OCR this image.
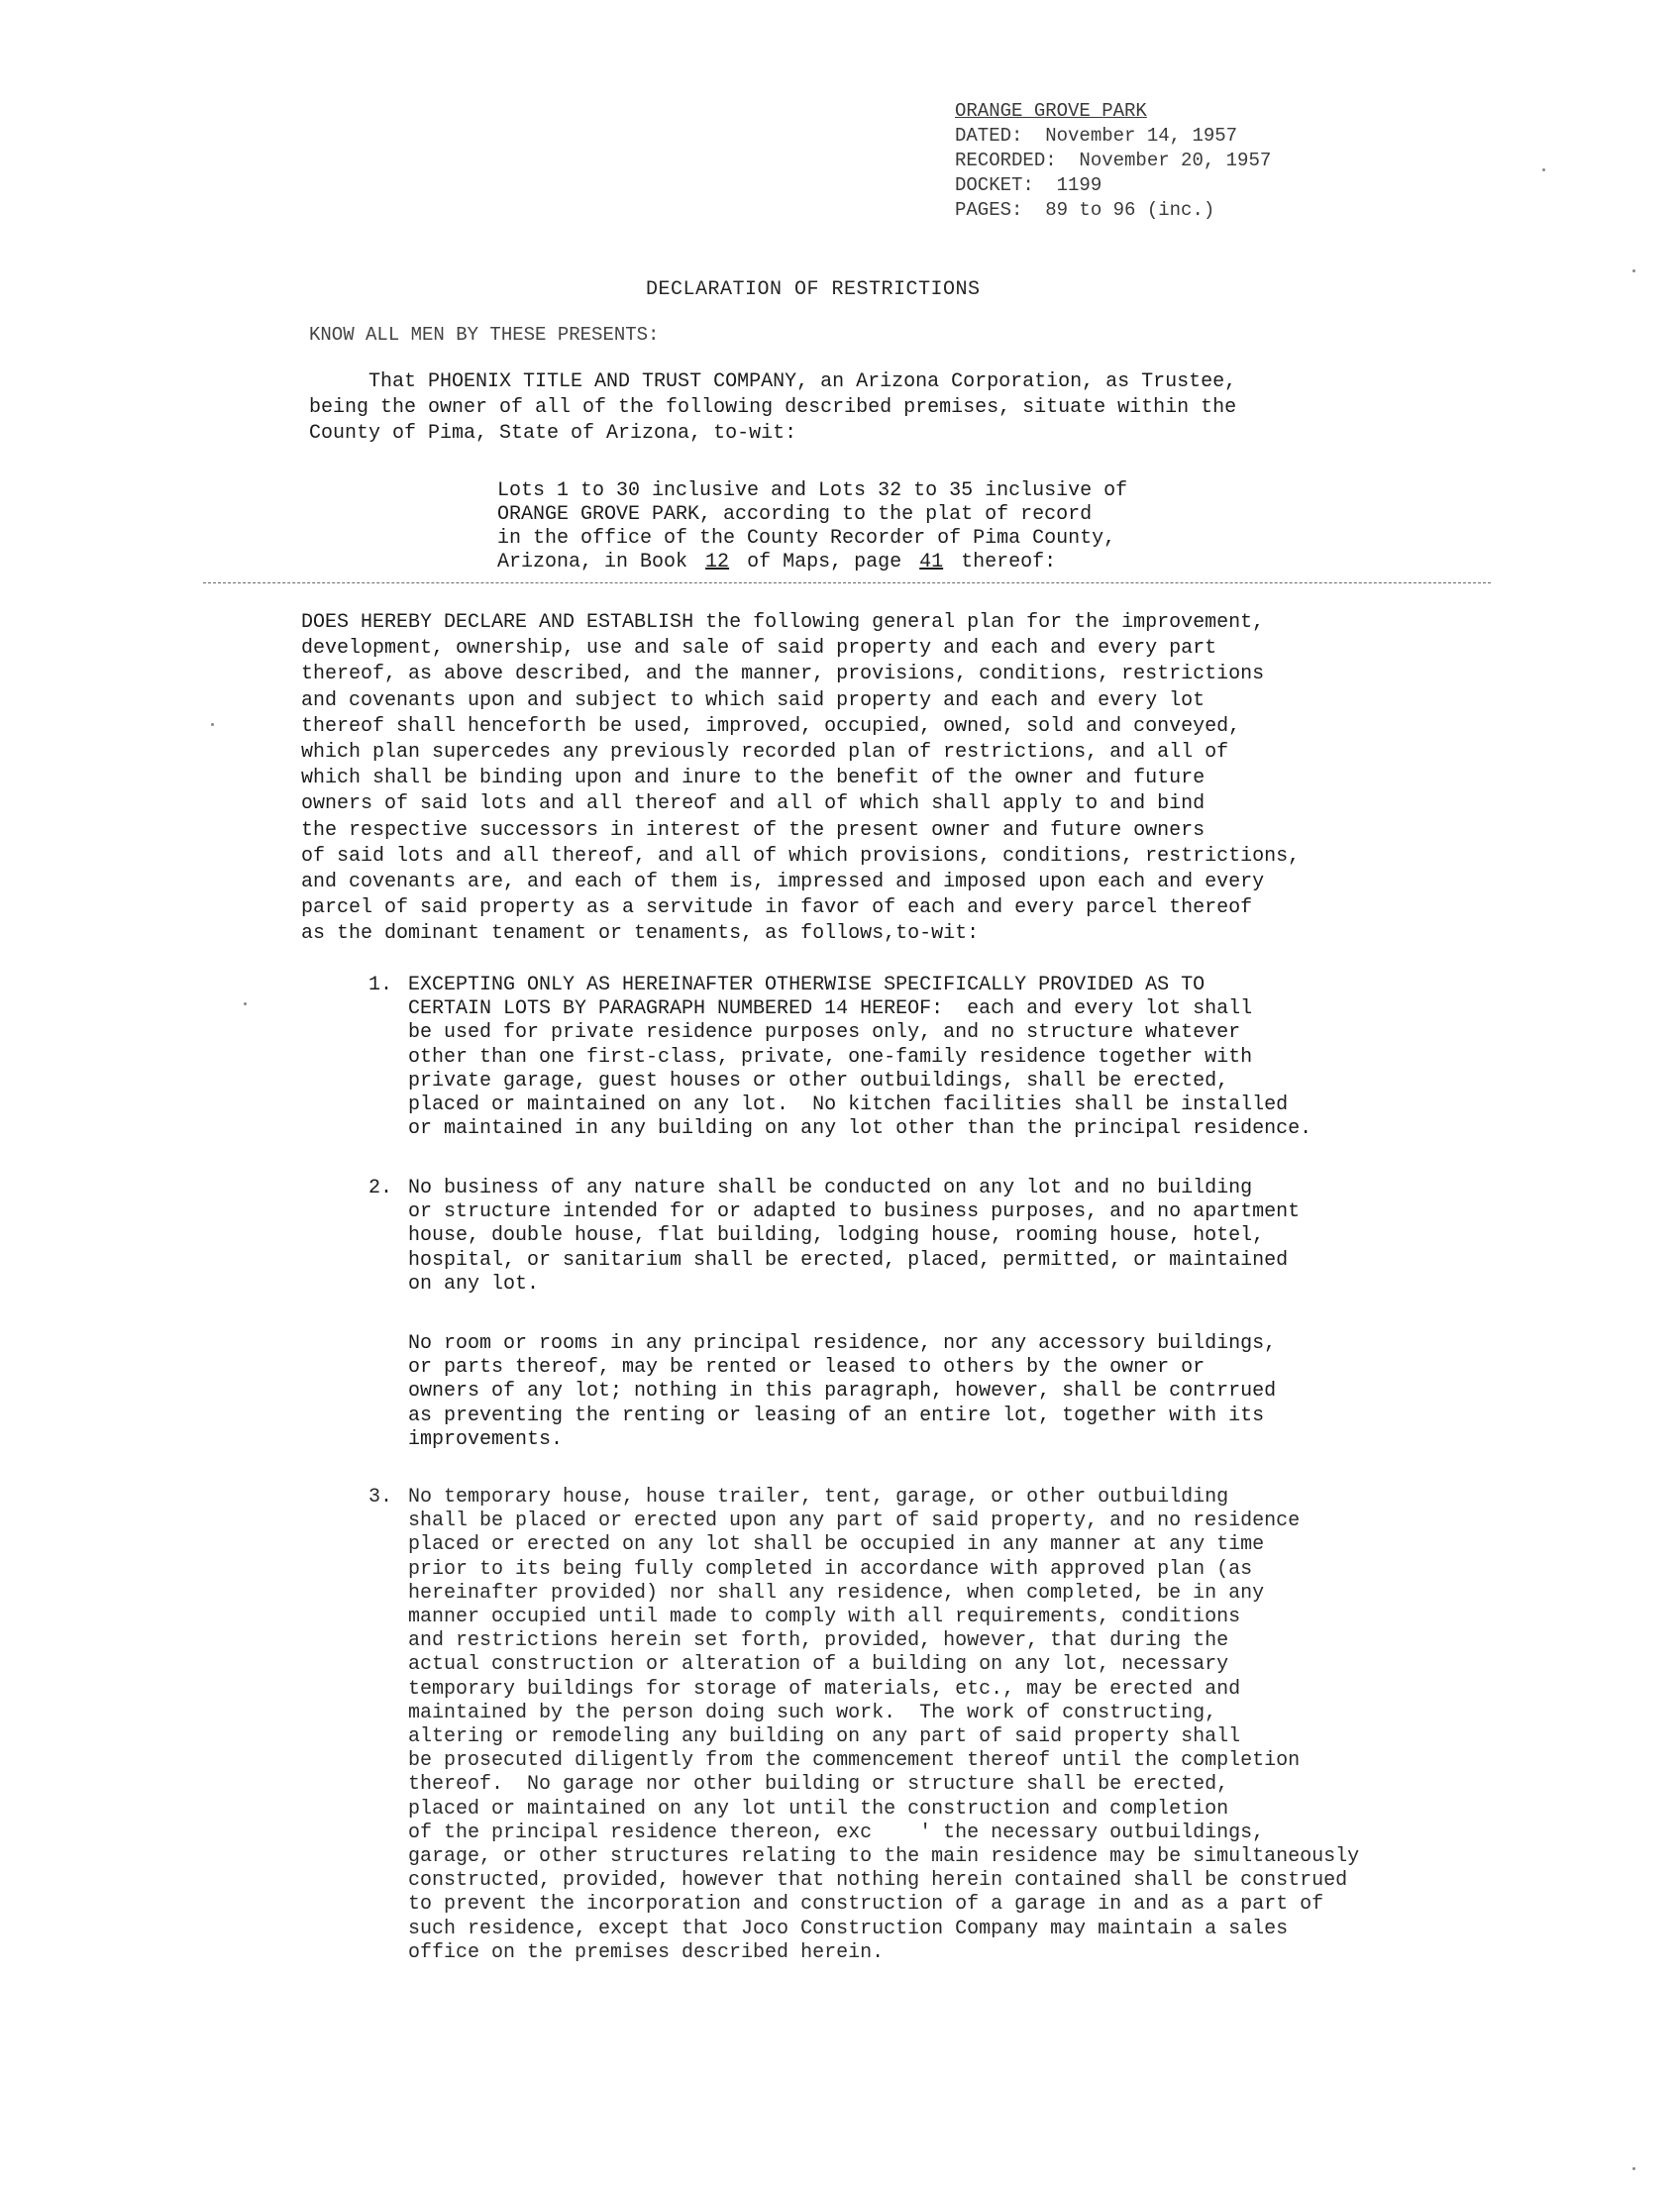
ORANGE GROVE PARK
DATED:  November 14, 1957
RECORDED:  November 20, 1957
DOCKET:  1199
PAGES:  89 to 96 (inc.)
DECLARATION OF RESTRICTIONS
KNOW ALL MEN BY THESE PRESENTS:
That PHOENIX TITLE AND TRUST COMPANY, an Arizona Corporation, as Trustee,
being the owner of all of the following described premises, situate within the
County of Pima, State of Arizona, to-wit:
Lots 1 to 30 inclusive and Lots 32 to 35 inclusive of
ORANGE GROVE PARK, according to the plat of record
in the office of the County Recorder of Pima County,
Arizona, in Book 12 of Maps, page 41 thereof:
DOES HEREBY DECLARE AND ESTABLISH the following general plan for the improvement,
development, ownership, use and sale of said property and each and every part
thereof, as above described, and the manner, provisions, conditions, restrictions
and covenants upon and subject to which said property and each and every lot
thereof shall henceforth be used, improved, occupied, owned, sold and conveyed,
which plan supercedes any previously recorded plan of restrictions, and all of
which shall be binding upon and inure to the benefit of the owner and future
owners of said lots and all thereof and all of which shall apply to and bind
the respective successors in interest of the present owner and future owners
of said lots and all thereof, and all of which provisions, conditions, restrictions,
and covenants are, and each of them is, impressed and imposed upon each and every
parcel of said property as a servitude in favor of each and every parcel thereof
as the dominant tenament or tenaments, as follows,to-wit:
1. EXCEPTING ONLY AS HEREINAFTER OTHERWISE SPECIFICALLY PROVIDED AS TO
CERTAIN LOTS BY PARAGRAPH NUMBERED 14 HEREOF:  each and every lot shall
be used for private residence purposes only, and no structure whatever
other than one first-class, private, one-family residence together with
private garage, guest houses or other outbuildings, shall be erected,
placed or maintained on any lot.  No kitchen facilities shall be installed
or maintained in any building on any lot other than the principal residence.
2. No business of any nature shall be conducted on any lot and no building
or structure intended for or adapted to business purposes, and no apartment
house, double house, flat building, lodging house, rooming house, hotel,
hospital, or sanitarium shall be erected, placed, permitted, or maintained
on any lot.
No room or rooms in any principal residence, nor any accessory buildings,
or parts thereof, may be rented or leased to others by the owner or
owners of any lot; nothing in this paragraph, however, shall be contrrued
as preventing the renting or leasing of an entire lot, together with its
improvements.
3. No temporary house, house trailer, tent, garage, or other outbuilding
shall be placed or erected upon any part of said property, and no residence
placed or erected on any lot shall be occupied in any manner at any time
prior to its being fully completed in accordance with approved plan (as
hereinafter provided) nor shall any residence, when completed, be in any
manner occupied until made to comply with all requirements, conditions
and restrictions herein set forth, provided, however, that during the
actual construction or alteration of a building on any lot, necessary
temporary buildings for storage of materials, etc., may be erected and
maintained by the person doing such work.  The work of constructing,
altering or remodeling any building on any part of said property shall
be prosecuted diligently from the commencement thereof until the completion
thereof.  No garage nor other building or structure shall be erected,
placed or maintained on any lot until the construction and completion
of the principal residence thereon, exc    ' the necessary outbuildings,
garage, or other structures relating to the main residence may be simultaneously
constructed, provided, however that nothing herein contained shall be construed
to prevent the incorporation and construction of a garage in and as a part of
such residence, except that Joco Construction Company may maintain a sales
office on the premises described herein.
